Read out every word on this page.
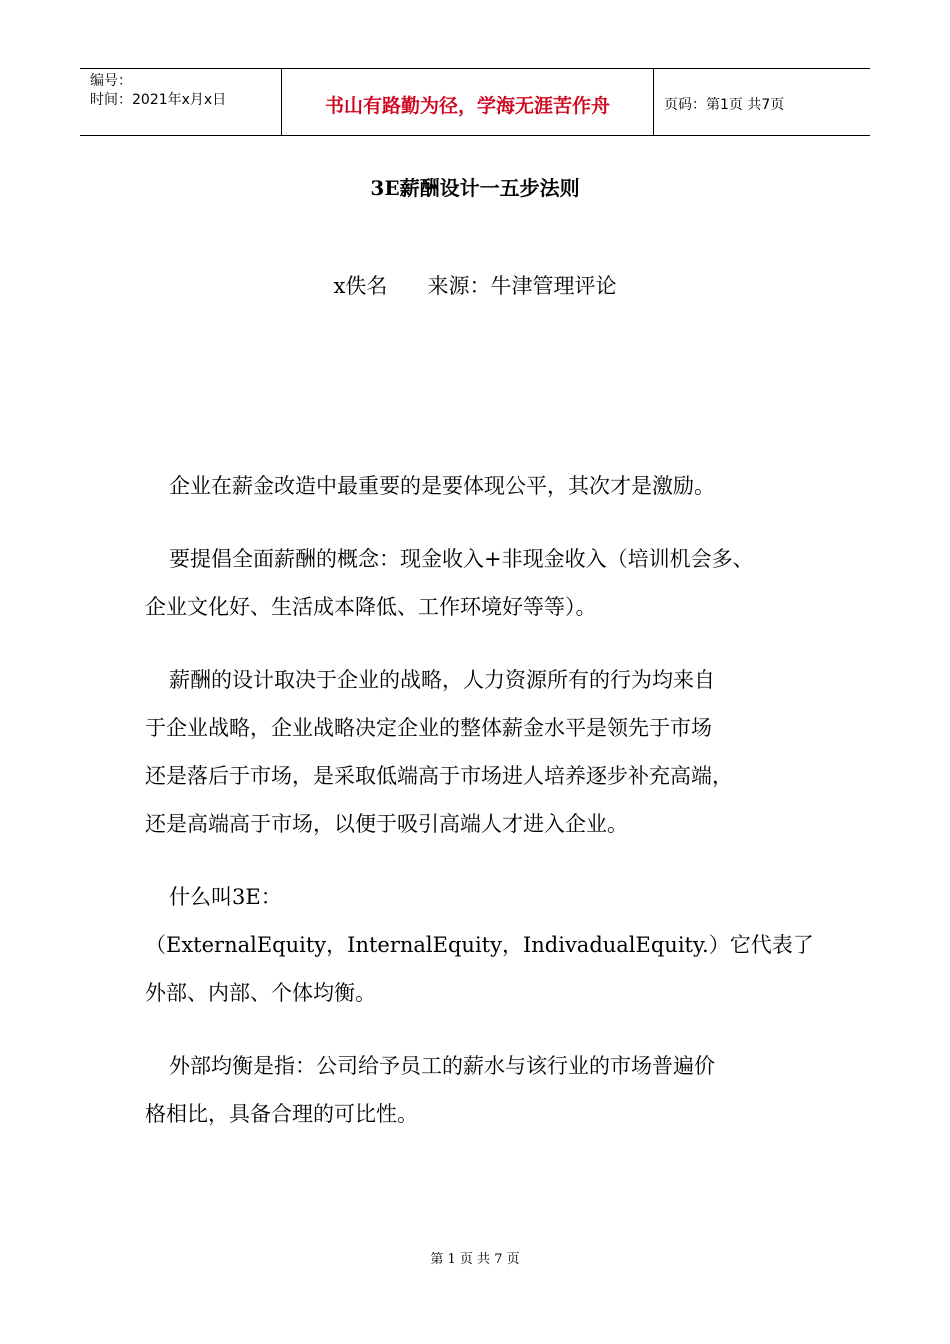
编号：
时间：2021年x月x日	书山有路勤为径，学海无涯苦作舟	页码：第1页 共7页
3E薪酬设计一五步法则
x佚名      来源：牛津管理评论

企业在薪金改造中最重要的是要体现公平，其次才是激励。

要提倡全面薪酬的概念：现金收入+非现金收入（培训机会多、

企业文化好、生活成本降低、工作环境好等等）。

薪酬的设计取决于企业的战略，人力资源所有的行为均来自

于企业战略，企业战略决定企业的整体薪金水平是领先于市场

还是落后于市场，是采取低端高于市场进人培养逐步补充高端，

还是高端高于市场，以便于吸引高端人才进入企业。

什么叫3E：

（ExternalEquity，InternalEquity，IndivadualEquity.）它代表了

外部、内部、个体均衡。

外部均衡是指：公司给予员工的薪水与该行业的市场普遍价

格相比，具备合理的可比性。

第 1 页 共 7 页
